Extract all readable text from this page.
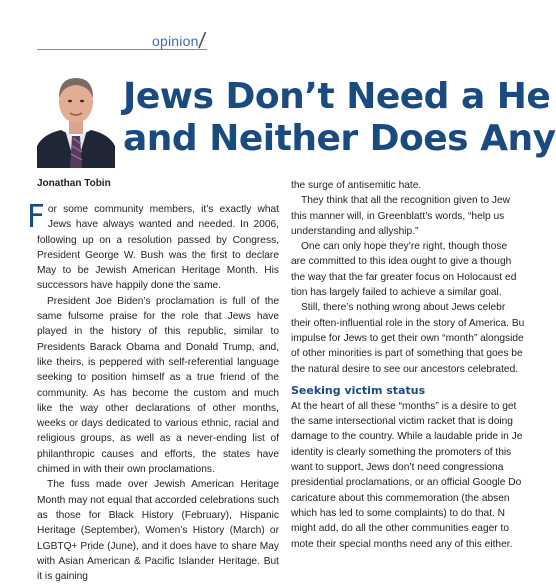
opinion
/
Jews Don’t Need a He
and Neither Does Any
Jonathan Tobin

For some community members, it’s exactly what Jews have always wanted and needed. In 2006, following up on a resolution passed by Congress, President George W. Bush was the first to declare May to be Jewish American Heritage Month. His successors have happily done the same.

President Joe Biden’s proclamation is full of the same fulsome praise for the role that Jews have played in the history of this republic, similar to Presidents Barack Obama and Donald Trump, and, like theirs, is peppered with self-referential language seeking to position himself as a true friend of the community. As has become the custom and much like the way other declarations of other months, weeks or days dedicated to various ethnic, racial and religious groups, as well as a never-ending list of philanthropic causes and efforts, the states have chimed in with their own proclamations.

The fuss made over Jewish American Heritage Month may not equal that accorded celebrations such as those for Black History (February), Hispanic Heritage (September), Women’s History (March) or LGBTQ+ Pride (June), and it does have to share May with Asian American & Pacific Islander Heritage. But it is gaining

the surge of antisemitic hate.
They think that all the recognition given to Jew
this manner will, in Greenblatt’s words, “help us
understanding and allyship.”
One can only hope they’re right, though those
are committed to this idea ought to give a though
the way that the far greater focus on Holocaust ed
tion has largely failed to achieve a similar goal.
Still, there’s nothing wrong about Jews celebr
their often-influential role in the story of America. Bu
impulse for Jews to get their own “month” alongside
of other minorities is part of something that goes be
the natural desire to see our ancestors celebrated.
Seeking victim status
At the heart of all these “months” is a desire to get
the same intersectional victim racket that is doing
damage to the country. While a laudable pride in Je
identity is clearly something the promoters of this
want to support, Jews don’t need congressiona
presidential proclamations, or an official Google Do
caricature about this commemoration (the absen
which has led to some complaints) to do that. N
might add, do all the other communities eager to
mote their special months need any of this either.
